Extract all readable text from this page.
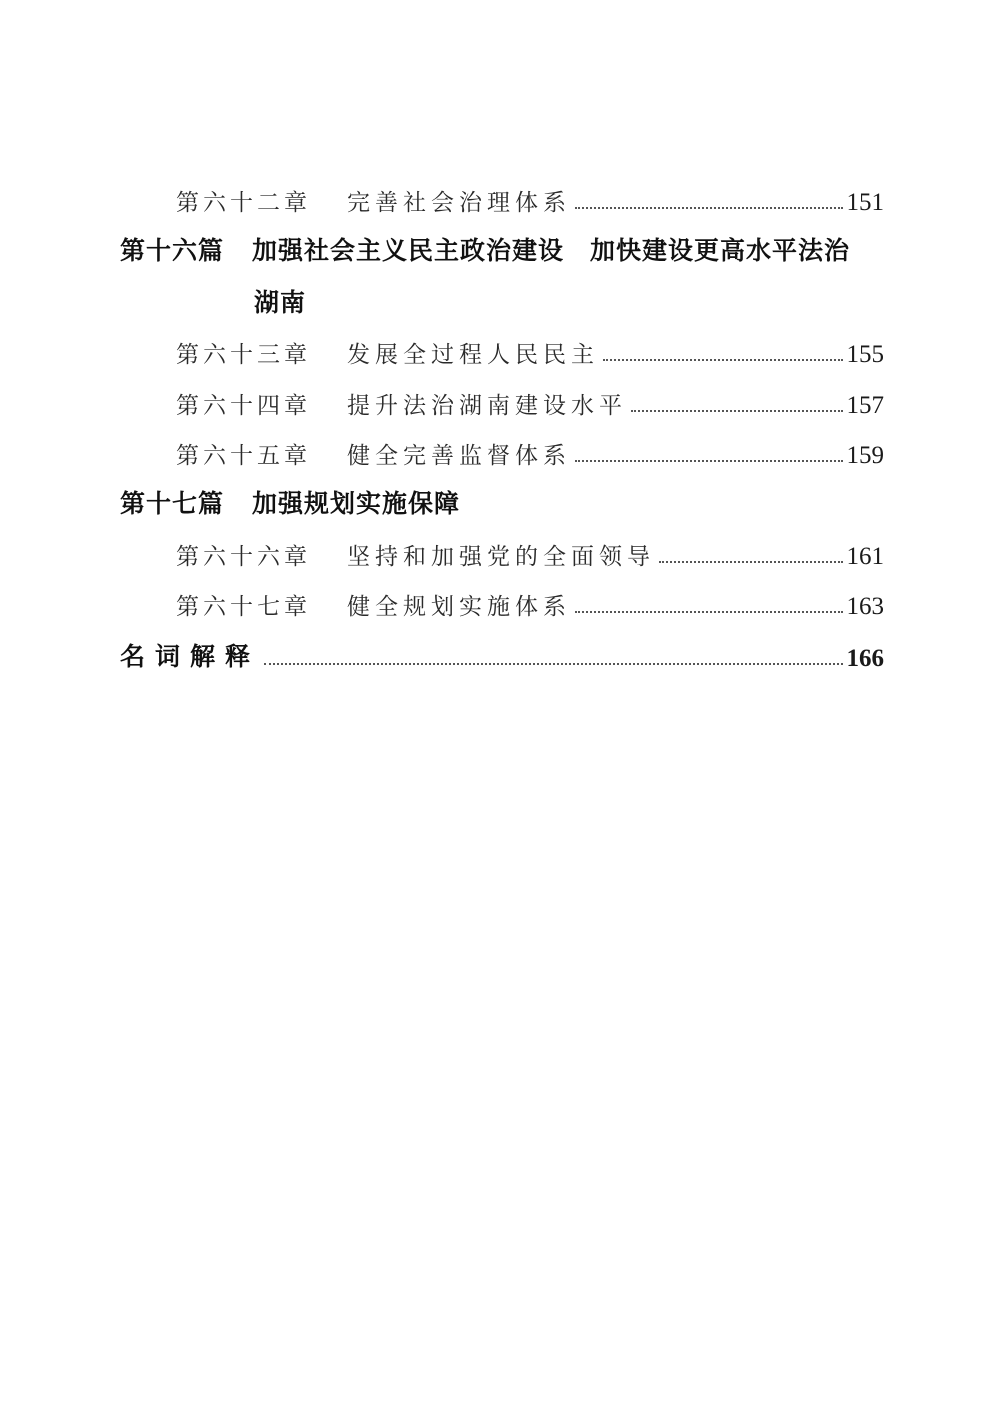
第六十二章 完善社会治理体系	151
第十六篇 加强社会主义民主政治建设　加快建设更高水平法治
湖南
第六十三章 发展全过程人民民主	155
第六十四章 提升法治湖南建设水平	157
第六十五章 健全完善监督体系	159
第十七篇 加强规划实施保障
第六十六章 坚持和加强党的全面领导	161
第六十七章 健全规划实施体系	163
名词解释	166
